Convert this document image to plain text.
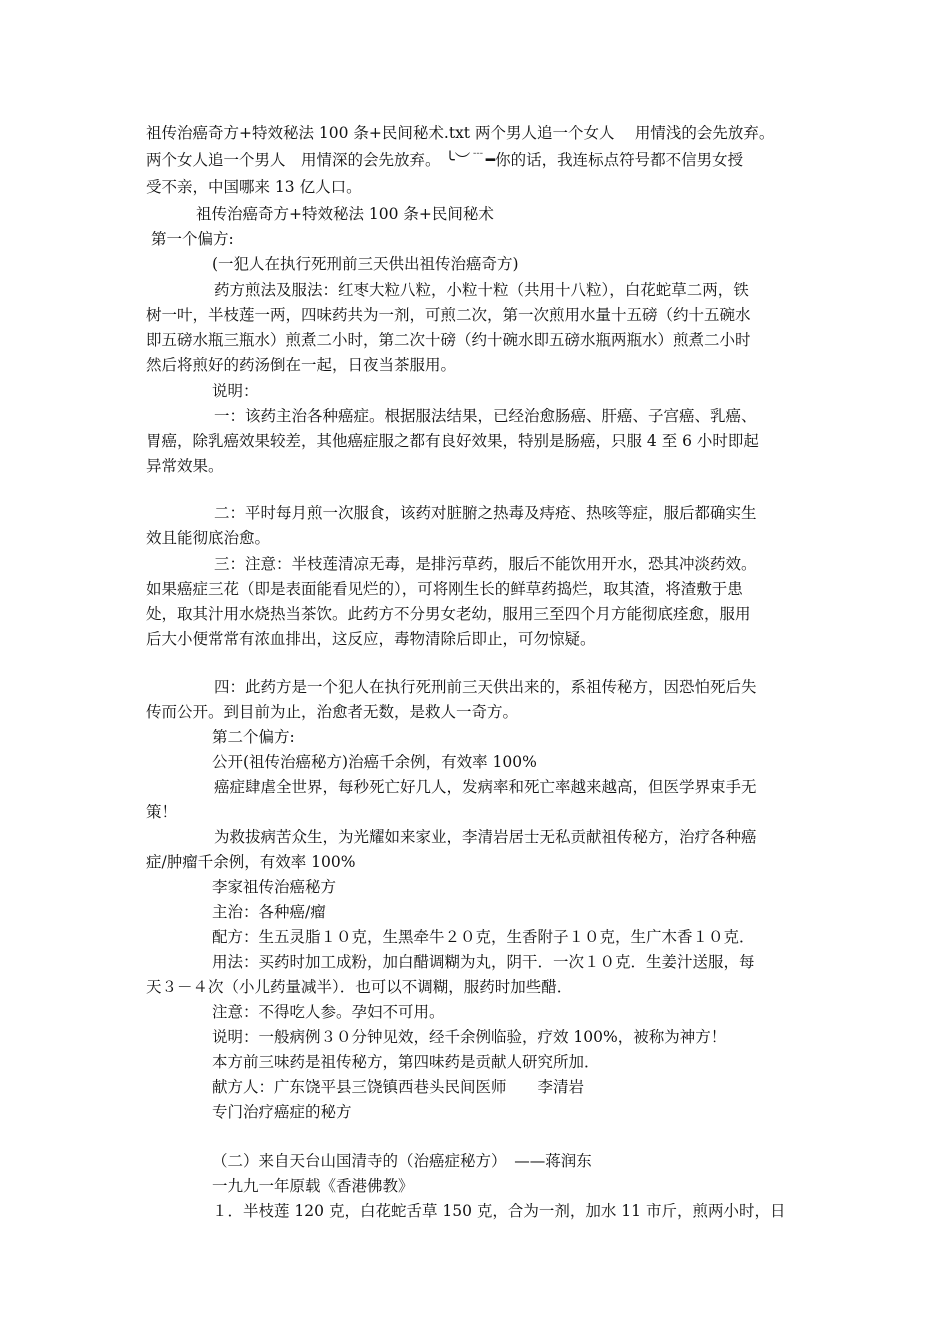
祖传治癌奇方+特效秘法 100 条+民间秘术.txt 两个男人追一个女人　 用情浅的会先放弃。
两个女人追一个男人　用情深的会先放弃。 ╰︶﹉━你的话，我连标点符号都不信男女授
受不亲，中国哪来 13 亿人口。
祖传治癌奇方+特效秘法 100 条+民间秘术
第一个偏方:
(一犯人在执行死刑前三天供出祖传治癌奇方)
药方煎法及服法：红枣大粒八粒，小粒十粒（共用十八粒），白花蛇草二两，铁
树一叶，半枝莲一两，四味药共为一剂，可煎二次，第一次煎用水量十五磅（约十五碗水
即五磅水瓶三瓶水）煎煮二小时，第二次十磅（约十碗水即五磅水瓶两瓶水）煎煮二小时
然后将煎好的药汤倒在一起，日夜当茶服用。
说明：
一：该药主治各种癌症。根据服法结果，已经治愈肠癌、肝癌、子宫癌、乳癌、
胃癌，除乳癌效果较差，其他癌症服之都有良好效果，特别是肠癌，只服 4 至 6 小时即起
异常效果。
二：平时每月煎一次服食，该药对脏腑之热毒及痔疮、热咳等症，服后都确实生
效且能彻底治愈。
三：注意：半枝莲清凉无毒，是排污草药，服后不能饮用开水，恐其冲淡药效。
如果癌症三花（即是表面能看见烂的），可将刚生长的鲜草药捣烂，取其渣，将渣敷于患
处，取其汁用水烧热当茶饮。此药方不分男女老幼，服用三至四个月方能彻底痊愈，服用
后大小便常常有浓血排出，这反应，毒物清除后即止，可勿惊疑。
四：此药方是一个犯人在执行死刑前三天供出来的，系祖传秘方，因恐怕死后失
传而公开。到目前为止，治愈者无数，是救人一奇方。
第二个偏方:
公开(祖传治癌秘方)治癌千余例，有效率 100%
癌症肆虐全世界，每秒死亡好几人，发病率和死亡率越来越高，但医学界束手无
策！
为救拔病苦众生，为光耀如来家业，李清岩居士无私贡献祖传秘方，治疗各种癌
症/肿瘤千余例，有效率 100%
李家祖传治癌秘方
主治：各种癌/瘤
配方：生五灵脂１０克，生黑牵牛２０克，生香附子１０克，生广木香１０克．
用法：买药时加工成粉，加白醋调糊为丸，阴干．一次１０克．生姜汁送服，每
天３－４次（小儿药量减半）．也可以不调糊，服药时加些醋．
注意：不得吃人参。孕妇不可用。
说明：一般病例３０分钟见效，经千余例临验，疗效 100%，被称为神方！
本方前三味药是祖传秘方，第四味药是贡献人研究所加．
献方人：广东饶平县三饶镇西巷头民间医师　　李清岩
专门治疗癌症的秘方
（二）来自天台山国清寺的（治癌症秘方）　——蒋润东
一九九一年原载《香港佛教》
１．半枝莲 120 克，白花蛇舌草 150 克，合为一剂，加水 11 市斤，煎两小时，日
